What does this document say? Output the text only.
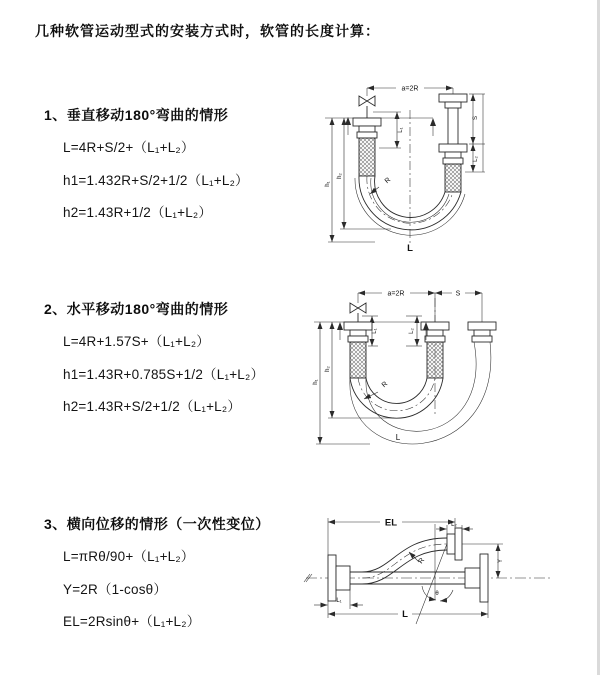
几种软管运动型式的安装方式时，软管的长度计算：
1、垂直移动180°弯曲的情形
L=4R+S/2+（L₁+L₂）
h1=1.432R+S/2+1/2（L₁+L₂）
h2=1.43R+1/2（L₁+L₂）
2、水平移动180°弯曲的情形
L=4R+1.57S+（L₁+L₂）
h1=1.43R+0.785S+1/2（L₁+L₂）
h2=1.43R+S/2+1/2（L₁+L₂）
3、横向位移的情形（一次性变位）
L=πRθ/90+（L₁+L₂）
Y=2R（1-cosθ）
EL=2Rsinθ+（L₁+L₂）
a=2R
L₁
S
L₂
h₁
h₂
R
L
a=2R	S
L₁	L₂
h₁
h₂
R
L
EL	L₂
Y
R
θ
L₁
L
